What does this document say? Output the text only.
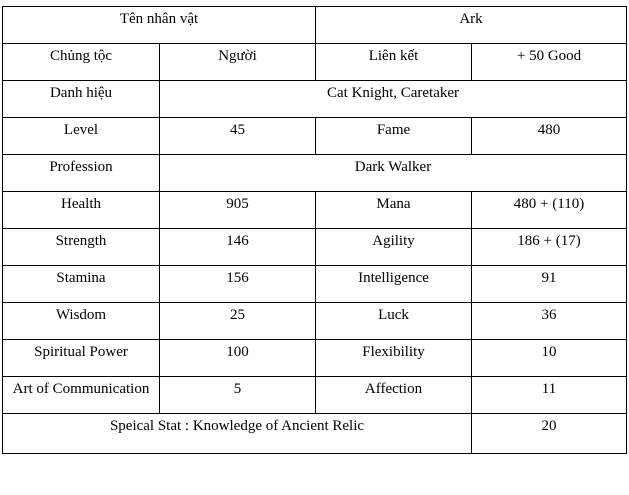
Tên nhân vật		Ark	
Chủng tộc	Người	Liên kết	+ 50 Good
Danh hiệu	Cat Knight, Caretaker		
Level	45	Fame	480
Profession	Dark Walker		
Health	905	Mana	480 + (110)
Strength	146	Agility	186 + (17)
Stamina	156	Intelligence	91
Wisdom	25	Luck	36
Spiritual Power	100	Flexibility	10
Art of Communication	5	Affection	11
Speical Stat : Knowledge of Ancient Relic			20
